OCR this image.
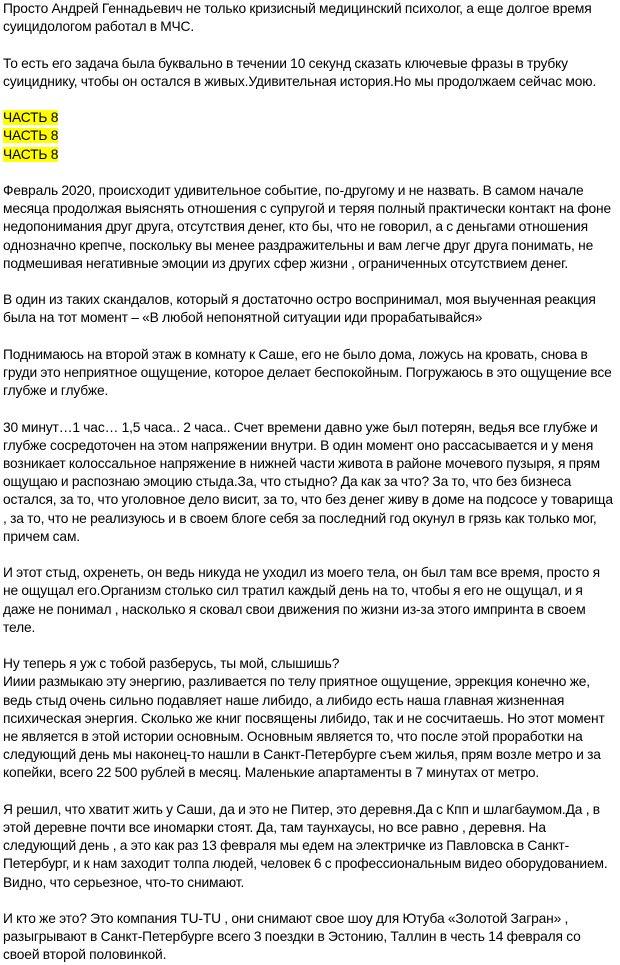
Просто Андрей Геннадьевич не только кризисный медицинский психолог, а еще долгое время суицидологом работал в МЧС.

То есть его задача была буквально в течении 10 секунд сказать ключевые фразы в трубку суициднику, чтобы он остался в живых.Удивительная история.Но мы продолжаем сейчас мою.

ЧАСТЬ 8
ЧАСТЬ 8
ЧАСТЬ 8

Февраль 2020, происходит удивительное событие, по-другому и не назвать. В самом начале месяца продолжая выяснять отношения с супругой и теряя полный практически контакт на фоне недопонимания друг друга, отсутствия денег, кто бы, что не говорил, а с деньгами отношения однозначно крепче, поскольку вы менее раздражительны и вам легче друг друга понимать, не подмешивая негативные эмоции из других сфер жизни , ограниченных отсутствием денег.

В один из таких скандалов, который я достаточно остро воспринимал, моя выученная реакция была на тот момент – «В любой непонятной ситуации иди прорабатывайся»

Поднимаюсь на второй этаж в комнату к Саше, его не было дома, ложусь на кровать, снова в груди это неприятное ощущение, которое делает беспокойным. Погружаюсь в это ощущение все глубже и глубже.

30 минут…1 час… 1,5 часа.. 2 часа.. Счет времени давно уже был потерян, ведья все глубже и глубже сосредоточен на этом напряжении внутри. В один момент оно рассасывается и у меня возникает колоссальное напряжение в нижней части живота в районе мочевого пузыря, я прям ощущаю и распознаю эмоцию стыда.За, что стыдно? Да как за что? За то, что без бизнеса остался, за то, что уголовное дело висит, за то, что без денег живу в доме на подсосе у товарища , за то, что не реализуюсь и в своем блоге себя за последний год окунул в грязь как только мог, причем сам.

И этот стыд, охренеть, он ведь никуда не уходил из моего тела, он был там все время, просто я не ощущал его.Организм столько сил тратил каждый день на то, чтобы я его не ощущал, и я даже не понимал , насколько я сковал свои движения по жизни из-за этого импринта в своем теле.

Ну теперь я уж с тобой разберусь, ты мой, слышишь?
Ииии размыкаю эту энергию, разливается по телу приятное ощущение, эррекция конечно же, ведь стыд очень сильно подавляет наше либидо, а либидо есть наша главная жизненная психическая энергия. Сколько же книг посвящены либидо, так и не сосчитаешь. Но этот момент не является в этой истории основным. Основным является то, что после этой проработки на следующий день мы наконец-то нашли в Санкт-Петербурге съем жилья, прям возле метро и за копейки, всего 22 500 рублей в месяц. Маленькие апартаменты в 7 минутах от метро.

Я решил, что хватит жить у Саши, да и это не Питер, это деревня.Да с Кпп и шлагбаумом.Да , в этой деревне почти все иномарки стоят. Да, там таунхаусы, но все равно , деревня. На следующий день , а это как раз 13 февраля мы едем на электричке из Павловска в Санкт-Петербург, и к нам заходит толпа людей, человек 6 с профессиональным видео оборудованием. Видно, что серьезное, что-то снимают.

И кто же это? Это компания TU-TU , они снимают свое шоу для Ютуба «Золотой Загран» , разыгрывают в Санкт-Петербурге всего 3 поездки в Эстонию, Таллин в честь 14 февраля со своей второй половинкой.
